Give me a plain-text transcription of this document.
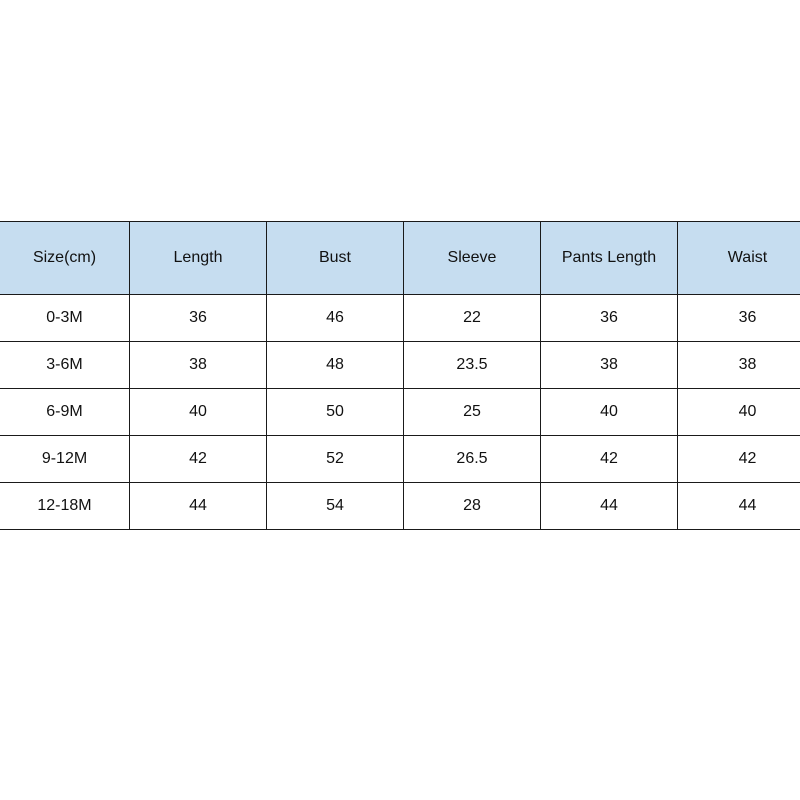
Size(cm)	Length	Bust	Sleeve	Pants Length	Waist
0-3M	36	46	22	36	36
3-6M	38	48	23.5	38	38
6-9M	40	50	25	40	40
9-12M	42	52	26.5	42	42
12-18M	44	54	28	44	44
